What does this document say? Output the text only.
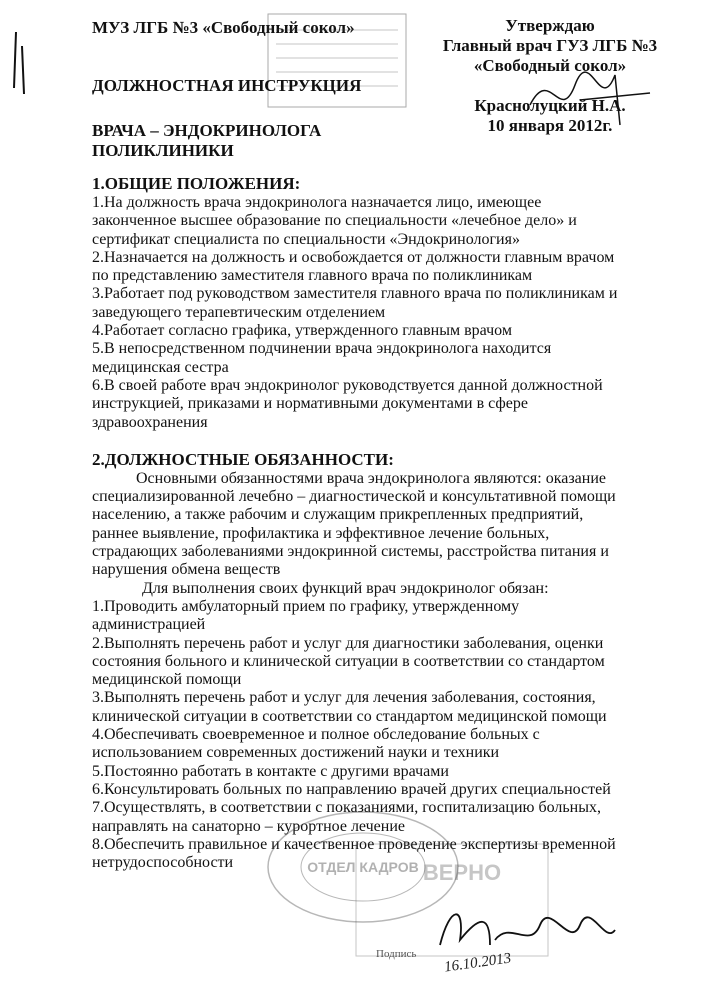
МУЗ ЛГБ №3 «Свободный сокол»	Утверждаю
Главный врач ГУЗ ЛГБ №3
«Свободный сокол»
Краснолуцкий Н.А.
10 января 2012г.
ДОЛЖНОСТНАЯ ИНСТРУКЦИЯ
ВРАЧА – ЭНДОКРИНОЛОГА
ПОЛИКЛИНИКИ
1.ОБЩИЕ ПОЛОЖЕНИЯ:
1.На должность врача эндокринолога назначается лицо, имеющее
законченное высшее образование по специальности «лечебное дело» и
сертификат специалиста по специальности «Эндокринология»
2.Назначается на должность и освобождается от должности главным врачом
по представлению заместителя главного врача по поликлиникам
3.Работает под руководством заместителя главного врача по поликлиникам и
заведующего терапевтическим отделением
4.Работает согласно графика, утвержденного главным врачом
5.В непосредственном подчинении врача эндокринолога находится
медицинская сестра
6.В своей работе врач эндокринолог руководствуется данной должностной
инструкцией, приказами и нормативными документами в сфере
здравоохранения
2.ДОЛЖНОСТНЫЕ ОБЯЗАННОСТИ:
Основными обязанностями врача эндокринолога являются: оказание
специализированной лечебно – диагностической и консультативной помощи
населению, а также рабочим и служащим прикрепленных предприятий,
раннее выявление, профилактика и эффективное лечение больных,
страдающих заболеваниями эндокринной системы, расстройства питания и
нарушения обмена веществ
Для выполнения своих функций врач эндокринолог обязан:
1.Проводить амбулаторный прием по графику, утвержденному
администрацией
2.Выполнять перечень работ и услуг для диагностики заболевания, оценки
состояния больного и клинической ситуации в соответствии со стандартом
медицинской помощи
3.Выполнять перечень работ и услуг для лечения заболевания, состояния,
клинической ситуации в соответствии со стандартом медицинской помощи
4.Обеспечивать своевременное и полное обследование больных с
использованием современных достижений науки и техники
5.Постоянно работать в контакте с другими врачами
6.Консультировать больных по направлению врачей других специальностей
7.Осуществлять, в соответствии с показаниями, госпитализацию больных,
направлять на санаторно – курортное лечение
8.Обеспечить правильное и качественное проведение экспертизы временной
нетрудоспособности	ОТДЕЛ КАДРОВ ВЕРНО
Подпись 16.10.2013
